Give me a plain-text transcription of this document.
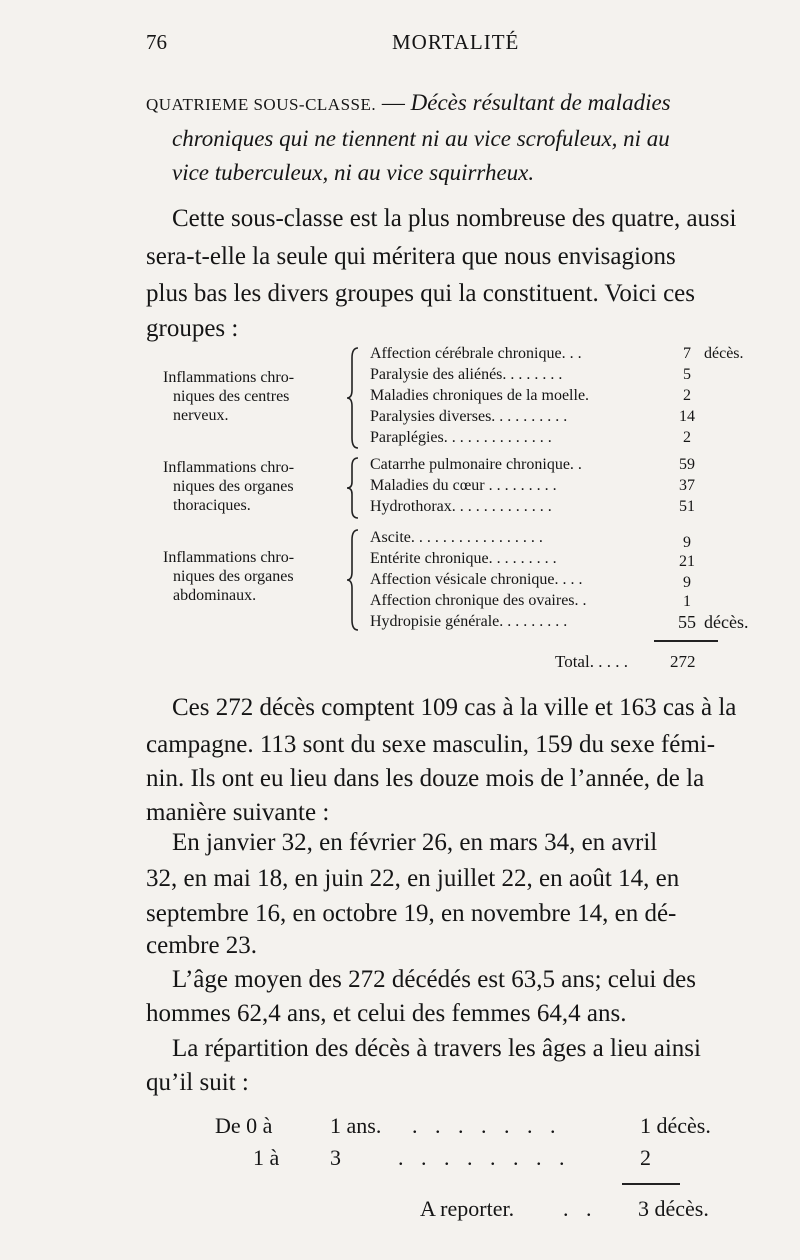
76	MORTALITÉ
QUATRIEME SOUS-CLASSE. — Décès résultant de maladies
chroniques qui ne tiennent ni au vice scrofuleux, ni au
vice tuberculeux, ni au vice squirrheux.
Cette sous-classe est la plus nombreuse des quatre, aussi
sera-t-elle la seule qui méritera que nous envisagions
plus bas les divers groupes qui la constituent. Voici ces
groupes :
Inflammations chro-
niques des centres
nerveux.
Affection cérébrale chronique. . .	7 décès.
Paralysie des aliénés. . . . . . . .	5
Maladies chroniques de la moelle.	2
Paralysies diverses. . . . . . . . . .	14
Paraplégies. . . . . . . . . . . . . .	2
Inflammations chro-
niques des organes
thoraciques.
Catarrhe pulmonaire chronique. .	59
Maladies du cœur . . . . . . . . .	37
Hydrothorax. . . . . . . . . . . . .	51
Inflammations chro-
niques des organes
abdominaux.
Ascite. . . . . . . . . . . . . . . . .	9
Entérite chronique. . . . . . . . .	21
Affection vésicale chronique. . . .	9
Affection chronique des ovaires. .	1
Hydropisie générale. . . . . . . . .	55 décès.
Total. . . . . 272
Ces 272 décès comptent 109 cas à la ville et 163 cas à la
campagne. 113 sont du sexe masculin, 159 du sexe fémi-
nin. Ils ont eu lieu dans les douze mois de l’année, de la
manière suivante :
En janvier 32, en février 26, en mars 34, en avril
32, en mai 18, en juin 22, en juillet 22, en août 14, en
septembre 16, en octobre 19, en novembre 14, en dé-
cembre 23.
L’âge moyen des 272 décédés est 63,5 ans; celui des
hommes 62,4 ans, et celui des femmes 64,4 ans.
La répartition des décès à travers les âges a lieu ainsi
qu’il suit :
De 0 à	1 ans. . . . . . . .	1 décès.
1 à 3	. . . . . . . .	2
A reporter. . . 3 décès.
